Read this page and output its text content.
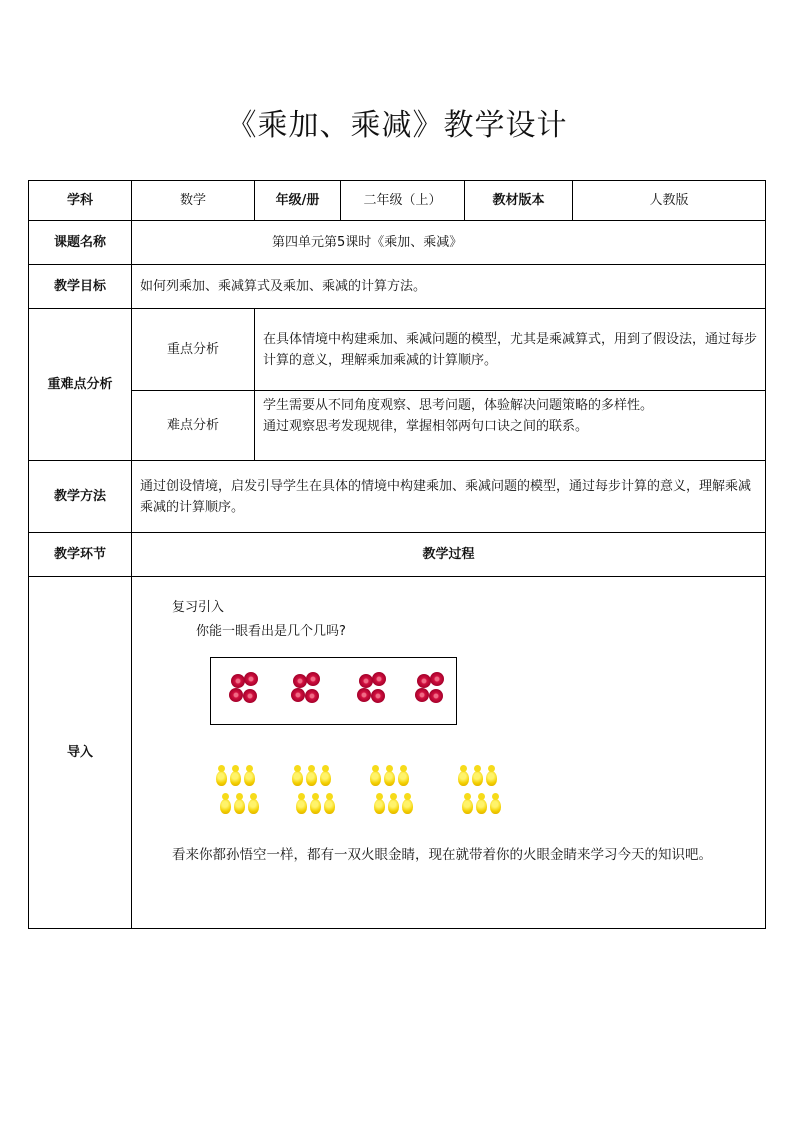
《乘加、乘减》教学设计
学科	数学	年级/册	二年级（上）	教材版本	人教版
课题名称	第四单元第5课时《乘加、乘减》				
教学目标	如何列乘加、乘减算式及乘加、乘减的计算方法。				
重难点分析	重点分析	在具体情境中构建乘加、乘减问题的模型，尤其是乘减算式，用到了假设法，通过每步计算的意义，理解乘加乘减的计算顺序。			
	难点分析	学生需要从不同角度观察、思考问题，体验解决问题策略的多样性。
通过观察思考发现规律，掌握相邻两句口诀之间的联系。			
教学方法	通过创设情境，启发引导学生在具体的情境中构建乘加、乘减问题的模型，通过每步计算的意义，理解乘减乘减的计算顺序。				
教学环节	教学过程				
导入	复习引入
你能一眼看出是几个几吗?
看来你都孙悟空一样，都有一双火眼金睛，现在就带着你的火眼金睛来学习今天的知识吧。				
